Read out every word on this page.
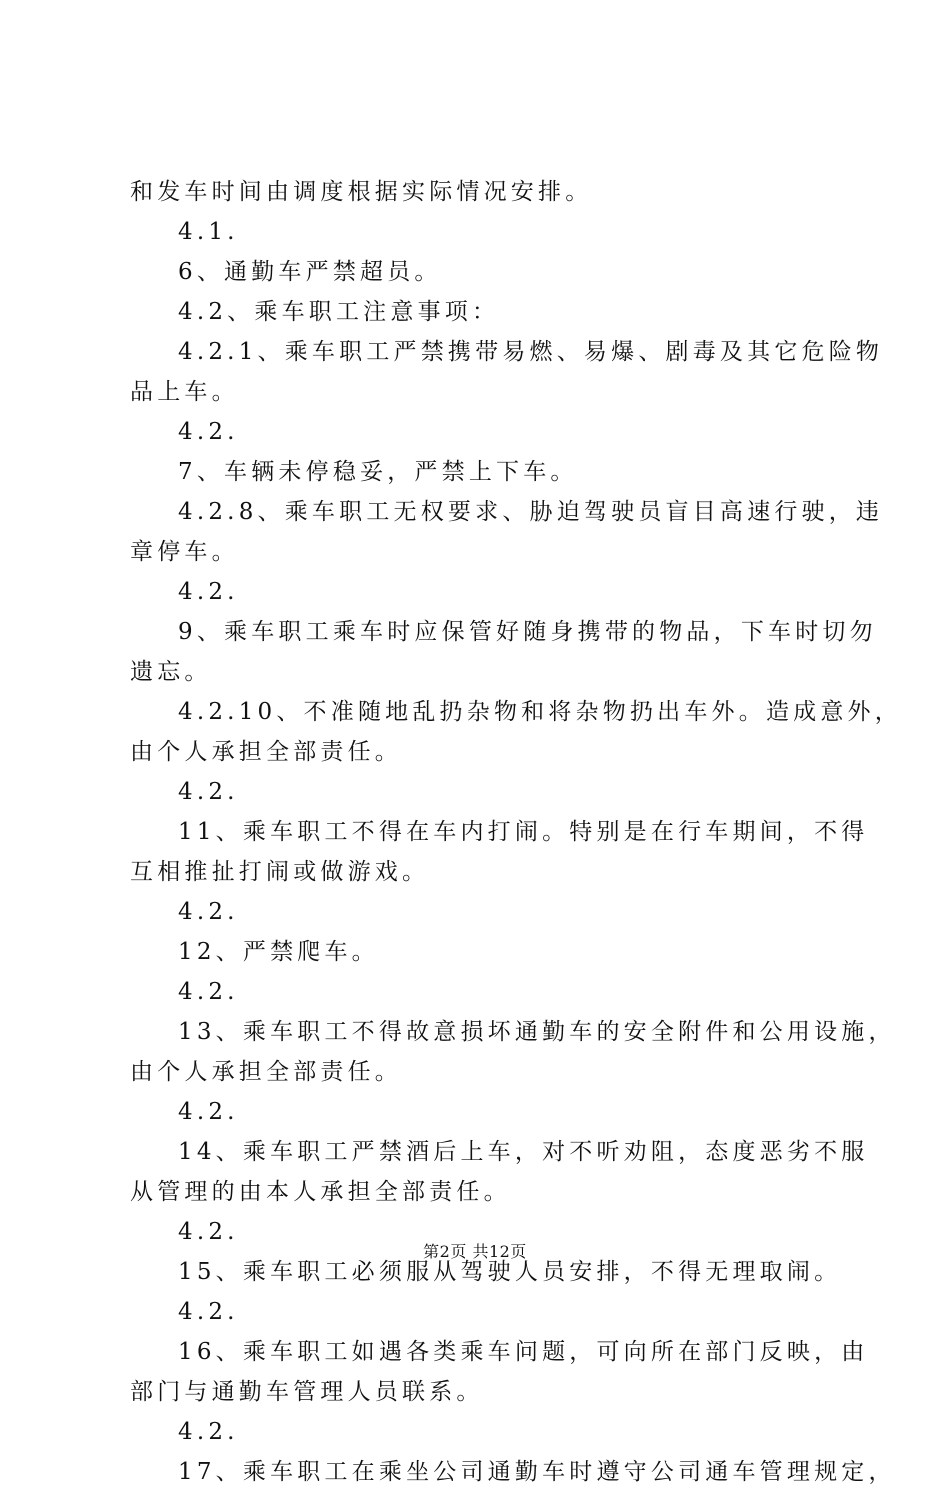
和发车时间由调度根据实际情况安排。
4.1.
6、通勤车严禁超员。
4.2、乘车职工注意事项：
4.2.1、乘车职工严禁携带易燃、易爆、剧毒及其它危险物
品上车。
4.2.
7、车辆未停稳妥，严禁上下车。
4.2.8、乘车职工无权要求、胁迫驾驶员盲目高速行驶，违
章停车。
4.2.
9、乘车职工乘车时应保管好随身携带的物品，下车时切勿
遗忘。
4.2.10、不准随地乱扔杂物和将杂物扔出车外。造成意外，
由个人承担全部责任。
4.2.
11、乘车职工不得在车内打闹。特别是在行车期间，不得
互相推扯打闹或做游戏。
4.2.
12、严禁爬车。
4.2.
13、乘车职工不得故意损坏通勤车的安全附件和公用设施，
由个人承担全部责任。
4.2.
14、乘车职工严禁酒后上车，对不听劝阻，态度恶劣不服
从管理的由本人承担全部责任。
4.2.
15、乘车职工必须服从驾驶人员安排，不得无理取闹。
4.2.
16、乘车职工如遇各类乘车问题，可向所在部门反映，由
部门与通勤车管理人员联系。
4.2.
17、乘车职工在乘坐公司通勤车时遵守公司通车管理规定，
第2页 共12页
